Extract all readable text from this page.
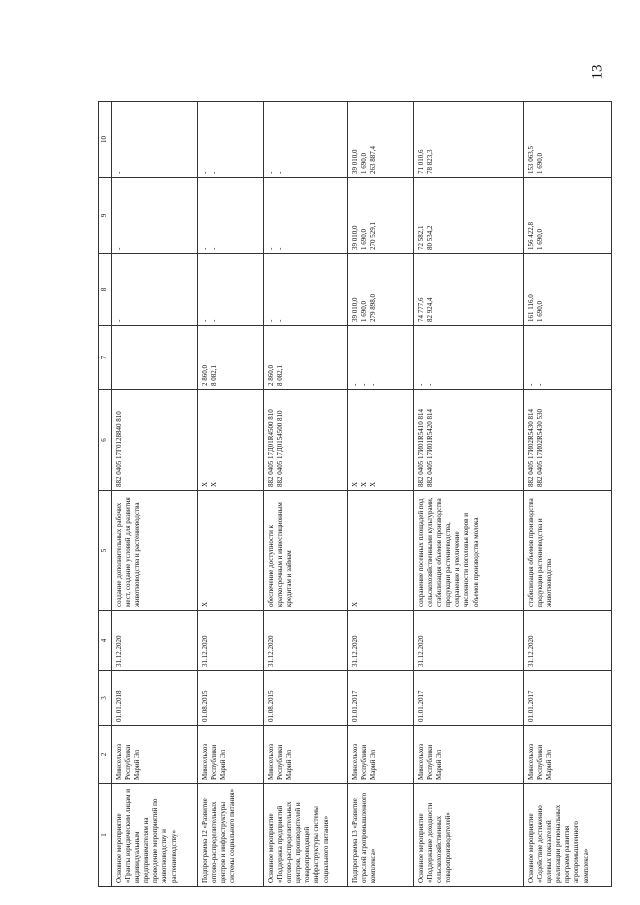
13
1	2	3	4	5	6	7	8	9	10
Основное мероприятие «Гранты юридическим лицам и индивидуальным предпринимателям на проведение мероприятий по животноводству и растениеводству»	Минсельхоз Республики Марий Эл	01.01.2018	31.12.2020	создание дополнительных рабочих мест, создание условий для развития животноводства и растениеводства	882 0405 17Г0128840 810		-	-	-

Подпрограмма 12 «Развитие оптово-распределительных центров и инфраструктуры системы социального питания»	Минсельхоз Республики Марий Эл	01.08.2015	31.12.2020	Х	Х Х	2 860,0 8 082,1	- -	- -	- -

Основное мероприятие «Поддержка предприятий оптово-распределительных центров, производителей и товаропроводящей инфраструктуры системы социального питания»	Минсельхоз Республики Марий Эл	01.08.2015	31.12.2020	обеспечение доступности к краткосрочным и инвестиционным кредитам и займам	882 0405 17Д01R4500 810 882 0405 17Д0154500 810	2 860,0 8 082,1	- -	- -	- -

Подпрограмма 13 «Развитие отраслей агропромышленного комплекса»	Минсельхоз Республики Марий Эл	01.01.2017	31.12.2020	Х	Х Х Х	- - -	39 010,0 1 690,0 279 898,0	39 010,0 1 690,0 270 529,1	39 010,0 1 690,0 263 887,4

Основное мероприятие «Поддержание доходности сельскохозяйственных товаропроизводителей»	Минсельхоз Республики Марий Эл	01.01.2017	31.12.2020	сохранение посевных площадей под сельскохозяйственными культурами, стабилизация объемов производства продукции растениеводства, сохранение и увеличение численности поголовья коров и объемов производства молока	882 0405 17И01R5410 814 882 0405 17И01R5420 814	- -	74 777,6 82 924,4	72 582,1 80 534,2	71 010,6 78 823,3

Основное мероприятие «Содействие достижению целевых показателей реализации региональных программ развития агропромышленного комплекса»	Минсельхоз Республики Марий Эл	01.01.2017	31.12.2020	стабилизация объемов производства продукции растениеводства и животноводства	882 0405 17И02R5430 814 882 0405 17И02R5430 530	- -	161 116,0 1 690,0	156 422,8 1 690,0	153 063,5 1 690,0
